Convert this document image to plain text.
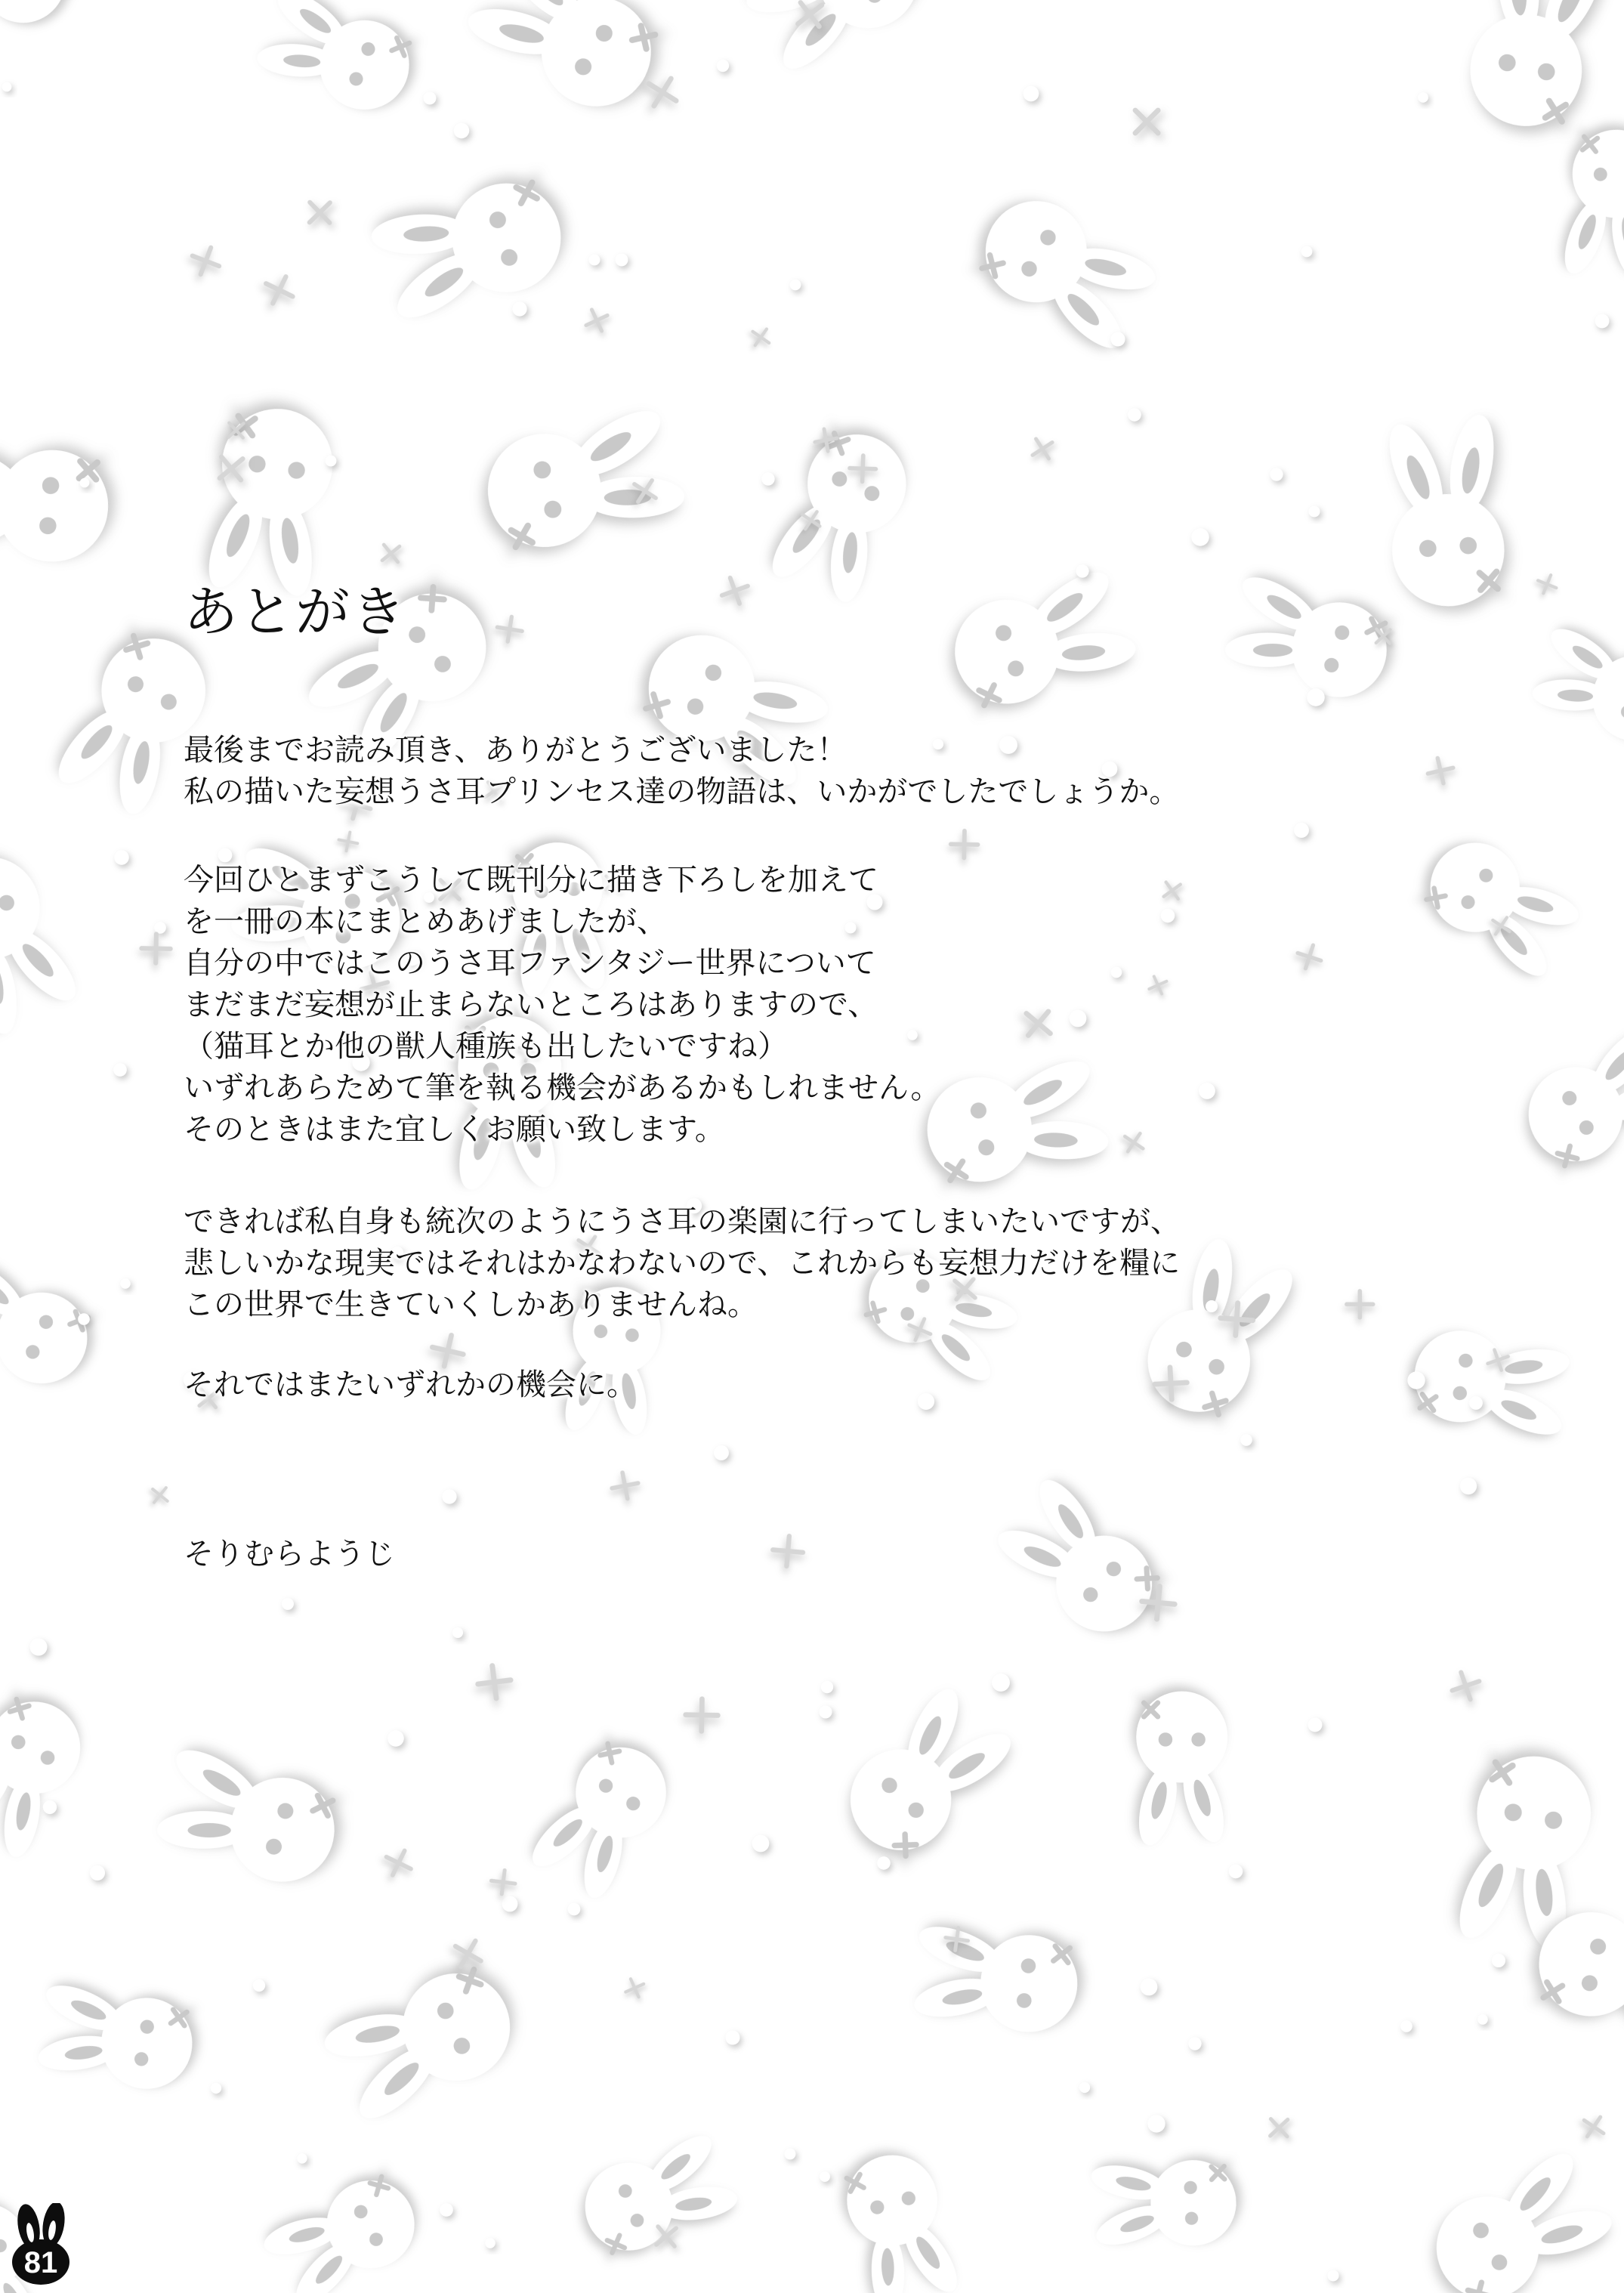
あとがき
最後までお読み頂き、ありがとうございました！
私の描いた妄想うさ耳プリンセス達の物語は、いかがでしたでしょうか。
今回ひとまずこうして既刊分に描き下ろしを加えて
を一冊の本にまとめあげましたが、
自分の中ではこのうさ耳ファンタジー世界について
まだまだ妄想が止まらないところはありますので、
（猫耳とか他の獣人種族も出したいですね）
いずれあらためて筆を執る機会があるかもしれません。
そのときはまた宜しくお願い致します。
できれば私自身も統次のようにうさ耳の楽園に行ってしまいたいですが、
悲しいかな現実ではそれはかなわないので、これからも妄想力だけを糧に
この世界で生きていくしかありませんね。
それではまたいずれかの機会に。
そりむらようじ
81
